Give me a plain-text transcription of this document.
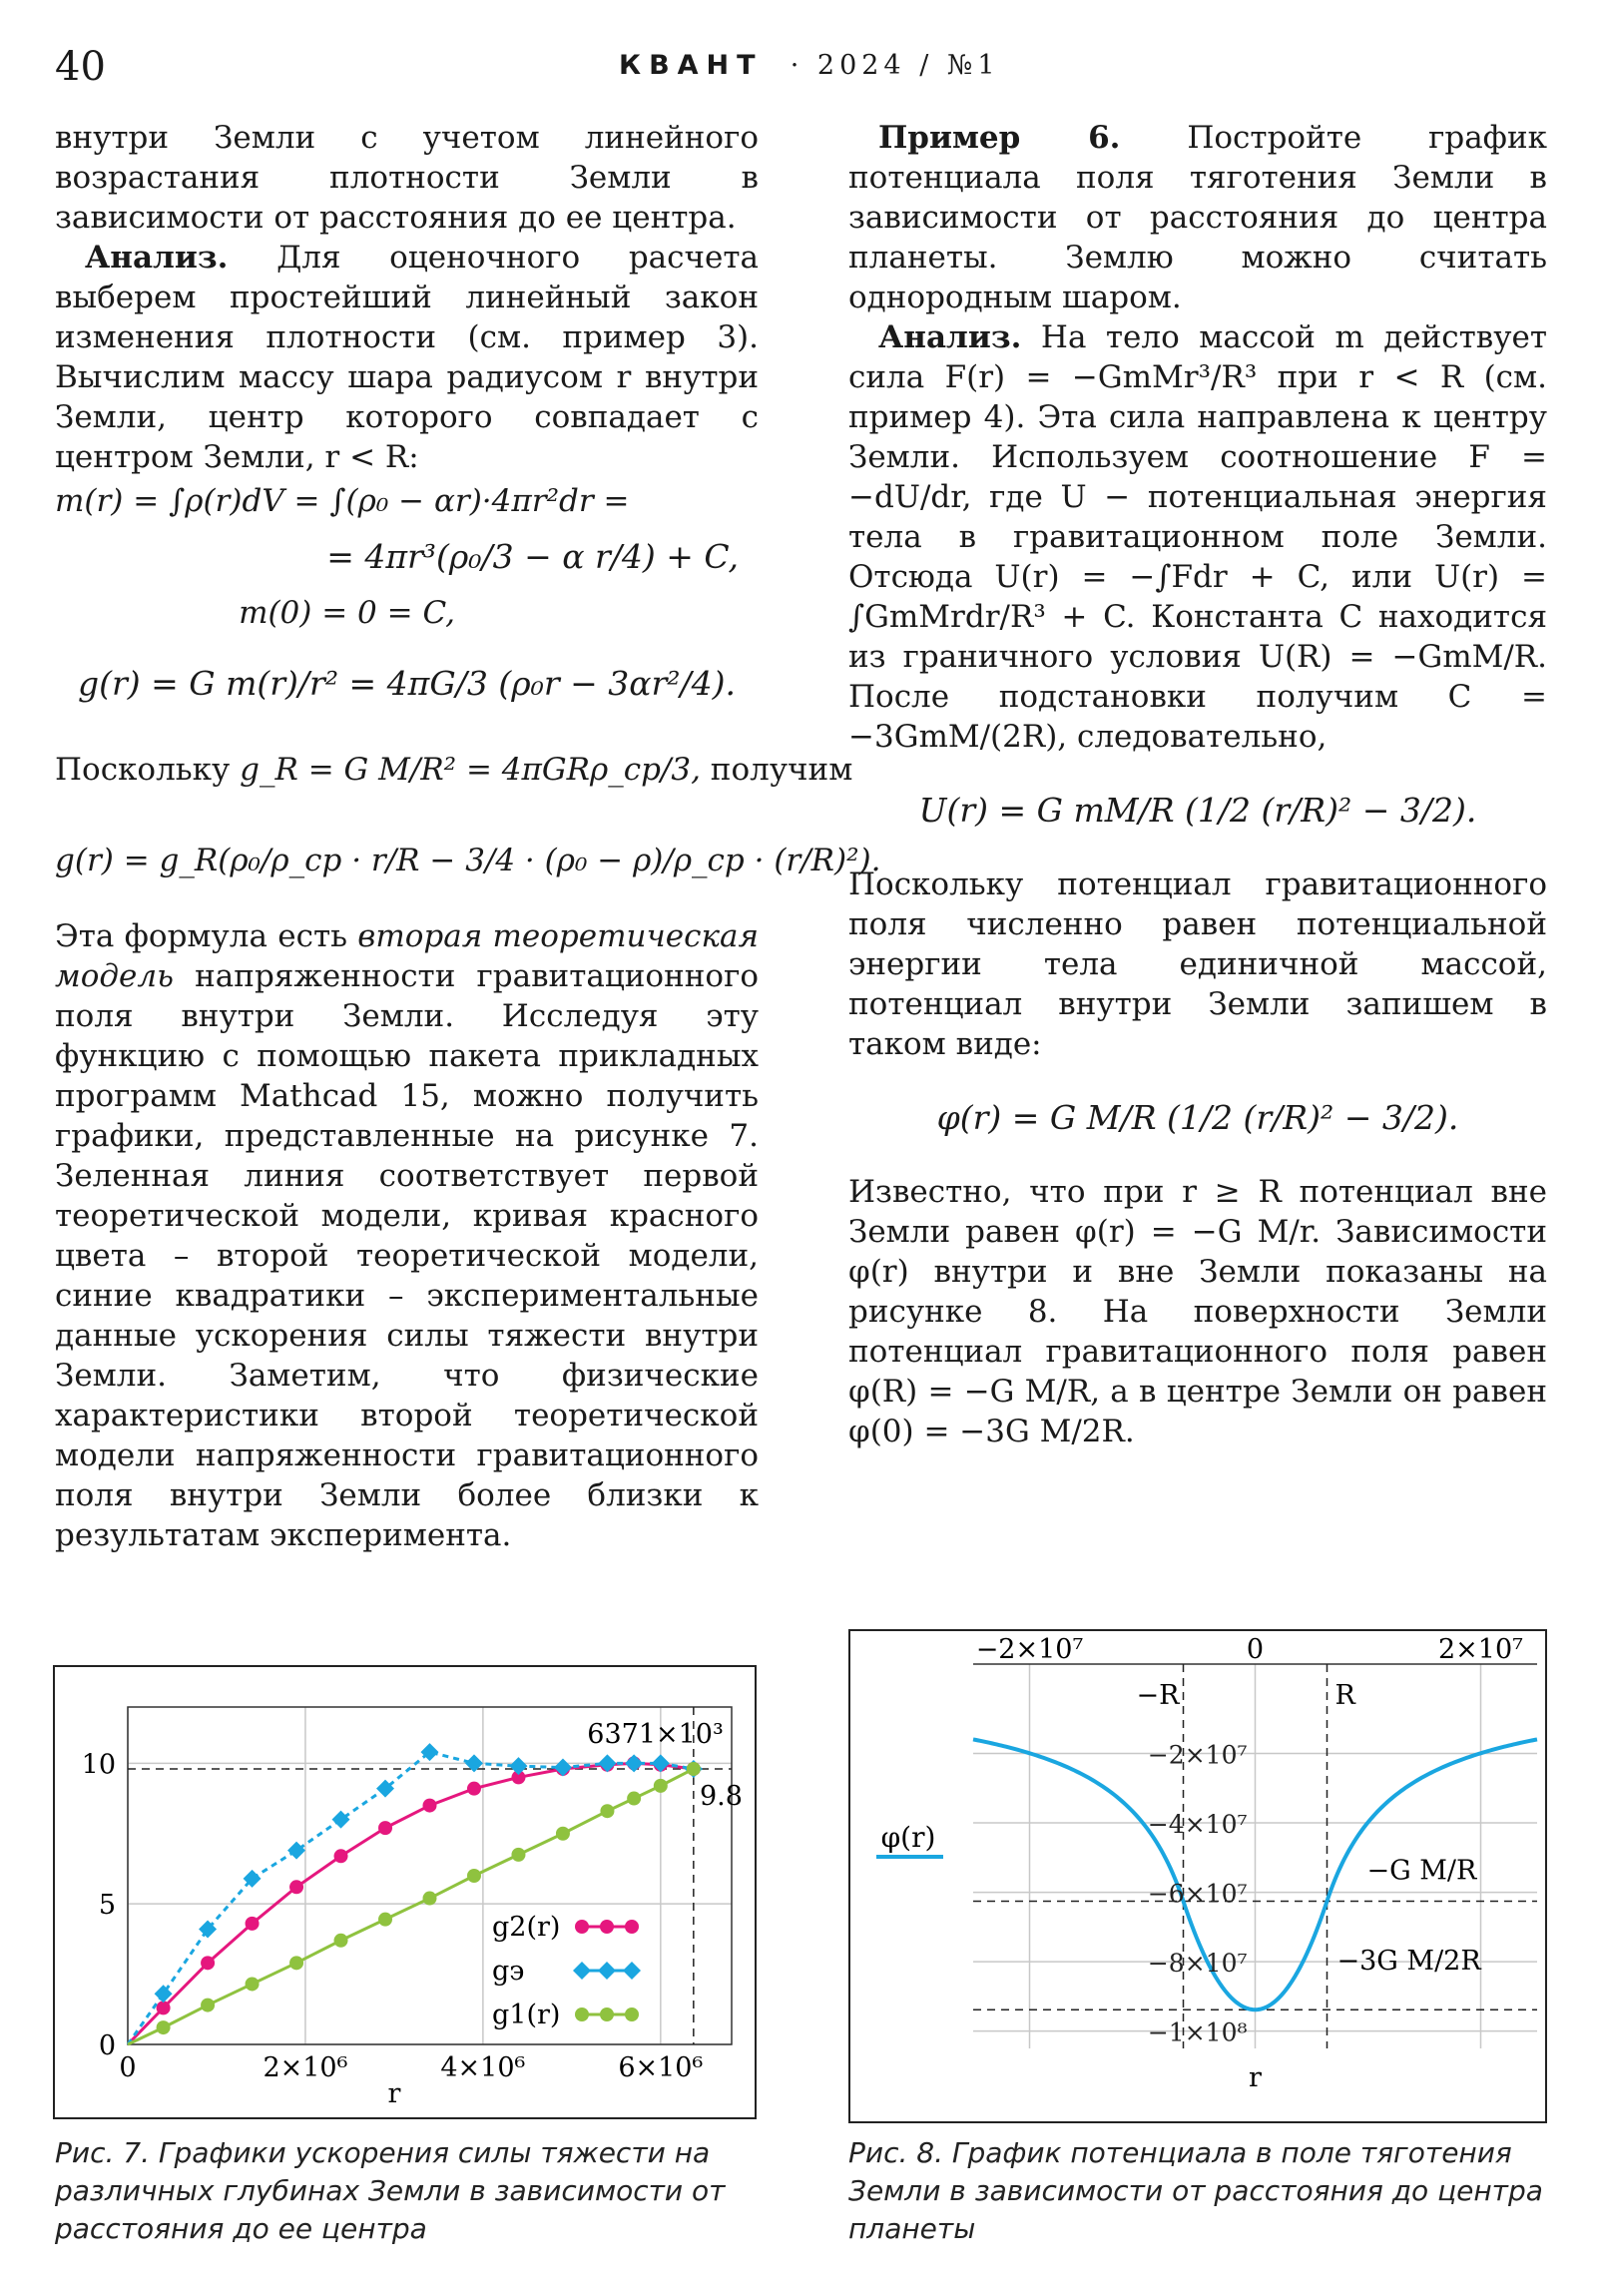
40	КВАНТ · 2024 / №1

внутри Земли с учетом линейного возрастания плотности Земли в зависимости от расстояния до ее центра.

Анализ. Для оценочного расчета выберем простейший линейный закон изменения плотности (см. пример 3). Вычислим массу шара радиусом r внутри Земли, центр которого совпадает с центром Земли, r < R:

m(r) = ∫ρ(r)dV = ∫(ρ₀ − αr)·4πr²dr =
= 4πr³(ρ₀/3 − α r/4) + C,
m(0) = 0 = C,
g(r) = G m(r)/r² = 4πG/3 (ρ₀r − 3αr²/4).

Поскольку g_R = G M/R² = 4πGRρ_ср/3, получим

g(r) = g_R(ρ₀/ρ_ср · r/R − 3/4 · (ρ₀ − ρ)/ρ_ср · (r/R)²).

Эта формула есть вторая теоретическая модель напряженности гравитационного поля внутри Земли. Исследуя эту функцию с помощью пакета прикладных программ Mathcad 15, можно получить графики, представленные на рисунке 7. Зеленная линия соответствует первой теоретической модели, кривая красного цвета – второй теоретической модели, синие квадратики – экспериментальные данные ускорения силы тяжести внутри Земли. Заметим, что физические характеристики второй теоретической модели напряженности гравитационного поля внутри Земли более близки к результатам эксперимента.

Пример 6. Постройте график потенциала поля тяготения Земли в зависимости от расстояния до центра планеты. Землю можно считать однородным шаром.

Анализ. На тело массой m действует сила F(r) = −GmMr³/R³ при r < R (см. пример 4). Эта сила направлена к центру Земли. Используем соотношение F = −dU/dr, где U − потенциальная энергия тела в гравитационном поле Земли. Отсюда U(r) = −∫Fdr + C, или U(r) = ∫GmMrdr/R³ + C. Константа C находится из граничного условия U(R) = −GmM/R. После подстановки получим C = −3GmM/(2R), следовательно,

U(r) = G mM/R (1/2 (r/R)² − 3/2).

Поскольку потенциал гравитационного поля численно равен потенциальной энергии тела единичной массой, потенциал внутри Земли запишем в таком виде:

φ(r) = G M/R (1/2 (r/R)² − 3/2).

Известно, что при r ≥ R потенциал вне Земли равен φ(r) = −G M/r. Зависимости φ(r) внутри и вне Земли показаны на рисунке 8. На поверхности Земли потенциал гравитационного поля равен φ(R) = −G M/R, а в центре Земли он равен φ(0) = −3G M/2R.

0	2×10⁶	4×10⁶	6×10⁶
0
5
10
6371×10³
9.8
r
g2(r)
gэ
g1(r)
Рис. 7. Графики ускорения силы тяжести на различных глубинах Земли в зависимости от расстояния до ее центра
−2×10⁷	0	2×10⁷
−2×10⁷
−4×10⁷
−6×10⁷
−8×10⁷
−1×10⁸
−R	R
−G M/R
−3G M/2R
φ(r)
r
Рис. 8. График потенциала в поле тяготения Земли в зависимости от расстояния до центра планеты
